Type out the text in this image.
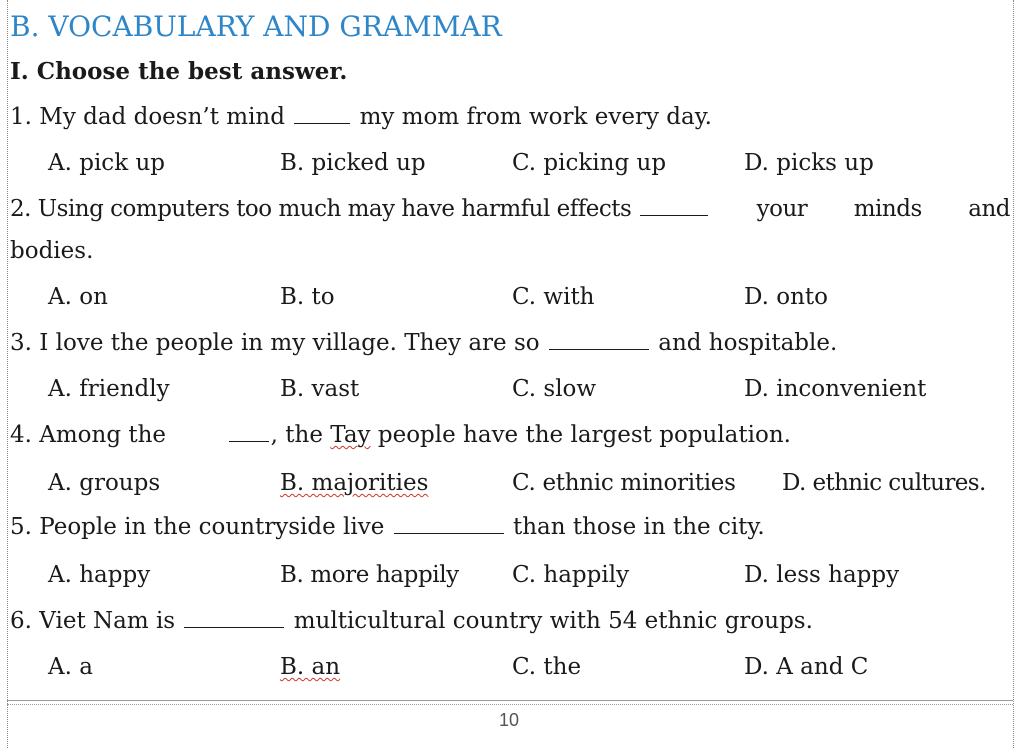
B. VOCABULARY AND GRAMMAR
I. Choose the best answer.
1. My dad doesn’t mind	my mom from work every day.
A. pick up	B. picked up	C. picking up	D. picks up
2. Using computers too much may have harmful effects	your minds and
bodies.
A. on	B. to	C. with	D. onto
3. I love the people in my village. They are so	and hospitable.
A. friendly	B. vast	C. slow	D. inconvenient
4. Among the	, the Tay people have the largest population.
A. groups	B. majorities	C. ethnic minorities D. ethnic cultures.
5. People in the countryside live	than those in the city.
A. happy	B. more happily C. happily	D. less happy
6. Viet Nam is	multicultural country with 54 ethnic groups.
A. a	B. an	C. the	D. A and C
10
